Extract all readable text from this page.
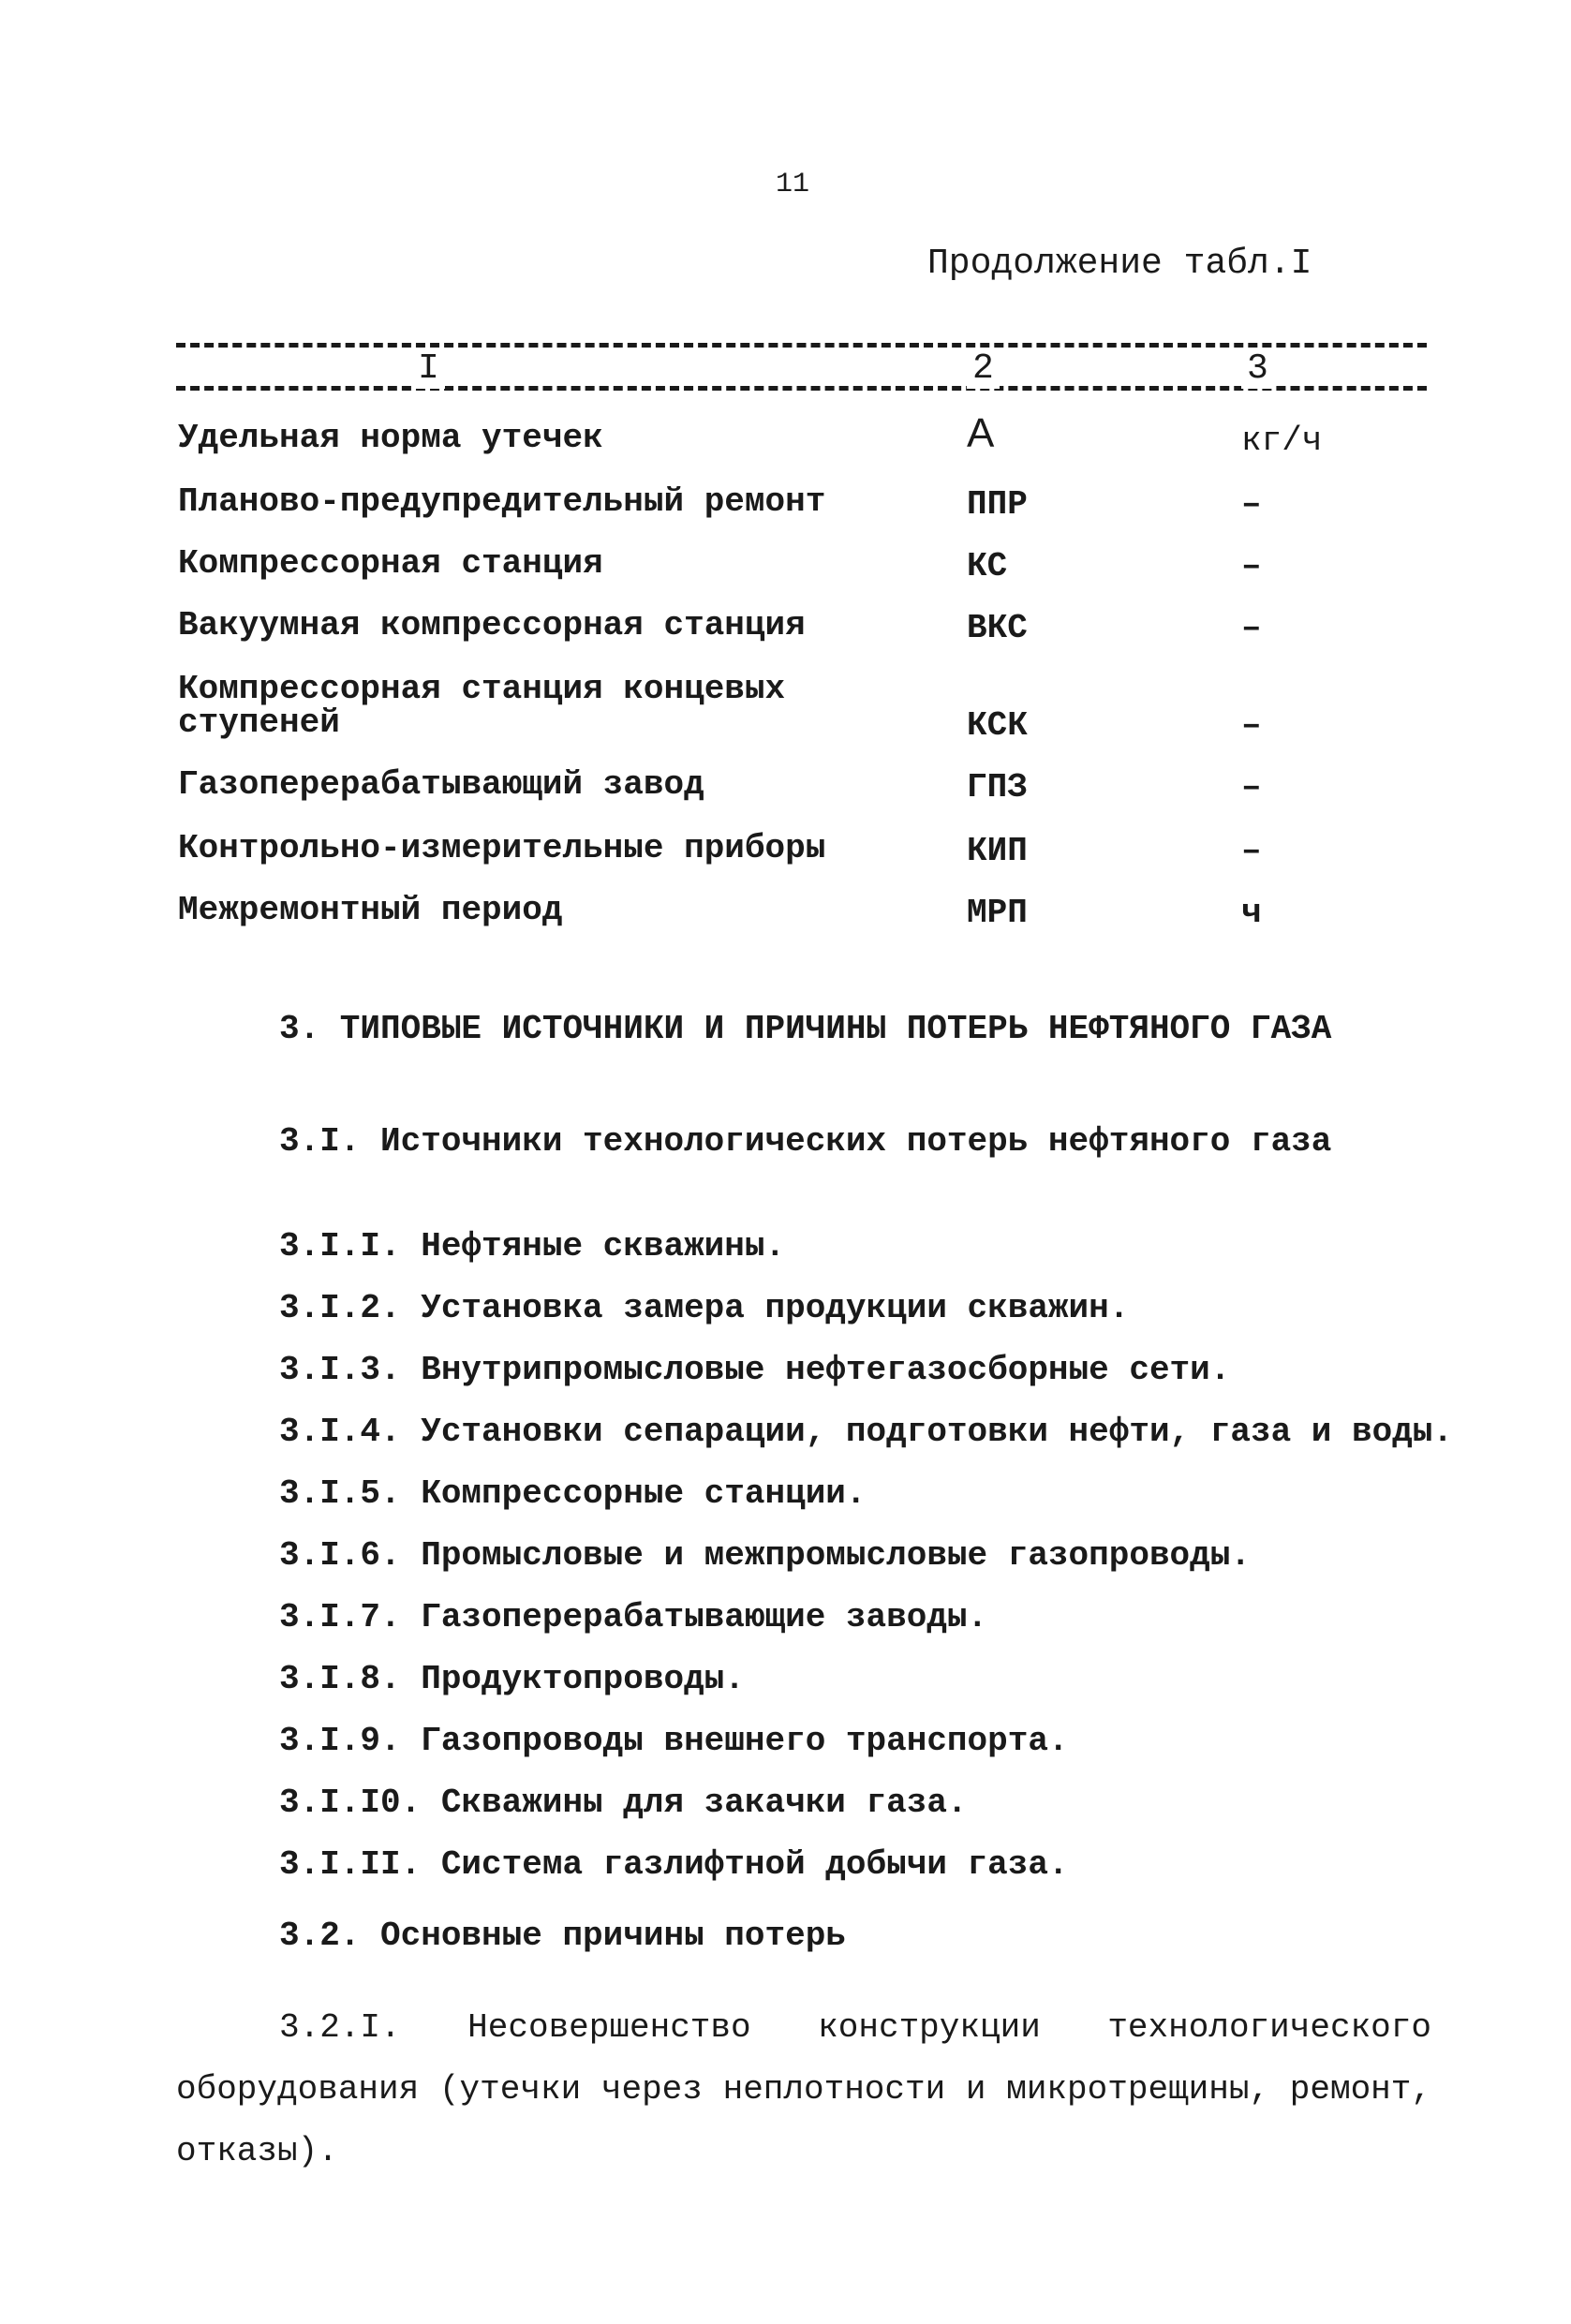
11
Продолжение табл.I
I	2	3
Удельная норма утечек	А	кг/ч
Планово-предупредительный ремонт	ППР	–
Компрессорная станция	КС	–
Вакуумная компрессорная станция	ВКС	–
Компрессорная станция концевых ступеней	КСК	–
Газоперерабатывающий завод	ГПЗ	–
Контрольно-измерительные приборы	КИП	–
Межремонтный период	МРП	ч
3. ТИПОВЫЕ ИСТОЧНИКИ И ПРИЧИНЫ ПОТЕРЬ НЕФТЯНОГО ГАЗА
3.I. Источники технологических потерь нефтяного газа
3.I.I. Нефтяные скважины.
3.I.2. Установка замера продукции скважин.
3.I.3. Внутрипромысловые нефтегазосборные сети.
3.I.4. Установки сепарации, подготовки нефти, газа и воды.
3.I.5. Компрессорные станции.
3.I.6. Промысловые и межпромысловые газопроводы.
3.I.7. Газоперерабатывающие заводы.
3.I.8. Продуктопроводы.
3.I.9. Газопроводы внешнего транспорта.
3.I.I0. Скважины для закачки газа.
3.I.II. Система газлифтной добычи газа.
3.2. Основные причины потерь
3.2.I. Несовершенство конструкции технологического оборудования (утечки через неплотности и микротрещины, ремонт, отказы).
